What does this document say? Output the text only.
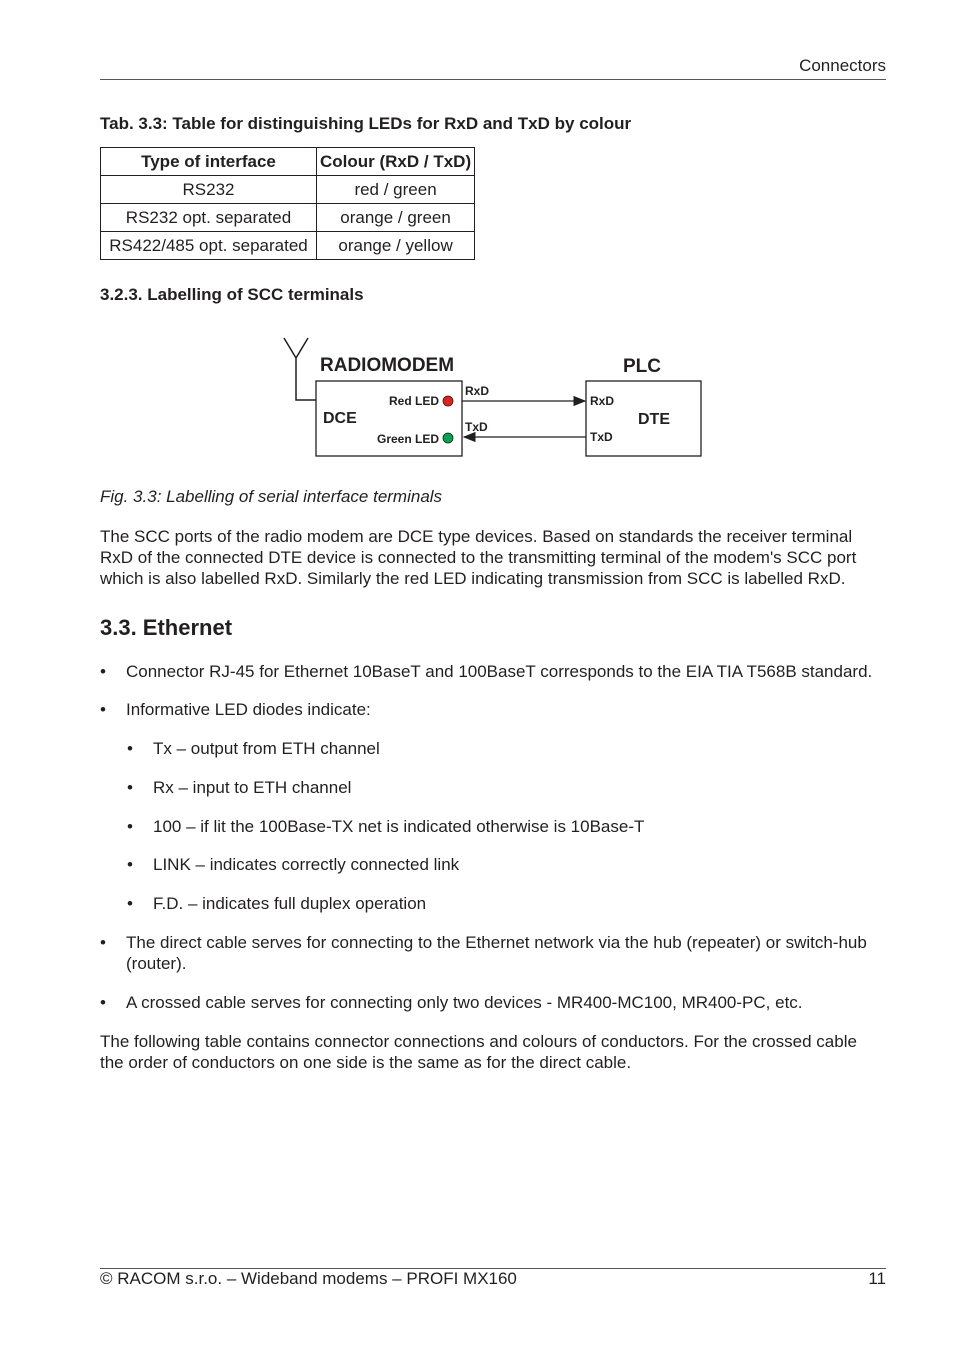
Connectors
Tab. 3.3: Table for distinguishing LEDs for RxD and TxD by colour
Type of interface	Colour (RxD / TxD)
RS232	red / green
RS232 opt. separated	orange / green
RS422/485 opt. separated	orange / yellow
3.2.3. Labelling of SCC terminals
RADIOMODEM	PLC
DCE	DTE
Red LED
Green LED
RxD
TxD
RxD
TxD
Fig. 3.3: Labelling of serial interface terminals
The SCC ports of the radio modem are DCE type devices. Based on standards the receiver terminal
RxD of the connected DTE device is connected to the transmitting terminal of the modem's SCC port
which is also labelled RxD. Similarly the red LED indicating transmission from SCC is labelled RxD.
3.3. Ethernet
• Connector RJ-45 for Ethernet 10BaseT and 100BaseT corresponds to the EIA TIA T568B standard.
• Informative LED diodes indicate:
• Tx – output from ETH channel
• Rx – input to ETH channel
• 100 – if lit the 100Base-TX net is indicated otherwise is 10Base-T
• LINK – indicates correctly connected link
• F.D. – indicates full duplex operation
• The direct cable serves for connecting to the Ethernet network via the hub (repeater) or switch-hub
(router).
• A crossed cable serves for connecting only two devices - MR400-MC100, MR400-PC, etc.
The following table contains connector connections and colours of conductors. For the crossed cable
the order of conductors on one side is the same as for the direct cable.
© RACOM s.r.o. – Wideband modems – PROFI MX160	11
